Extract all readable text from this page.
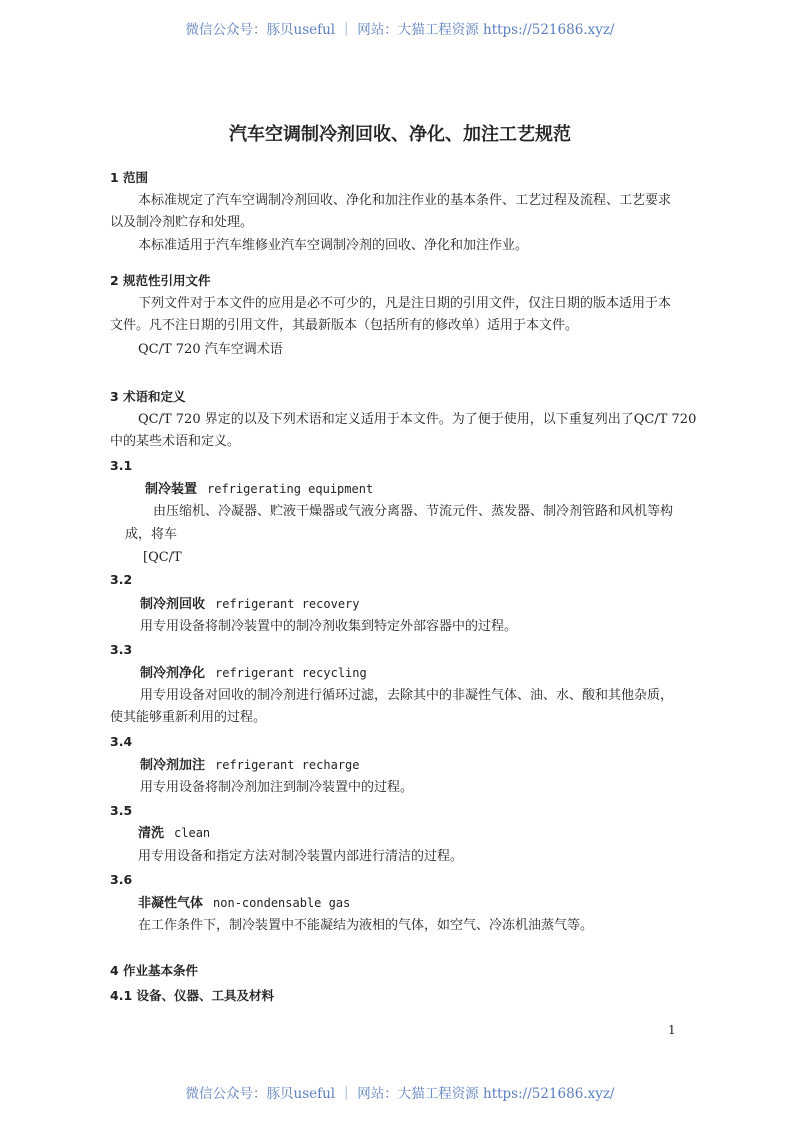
微信公众号：豚贝useful ｜ 网站：大猫工程资源 https://521686.xyz/
汽车空调制冷剂回收、净化、加注工艺规范
1 范围
本标准规定了汽车空调制冷剂回收、净化和加注作业的基本条件、工艺过程及流程、工艺要求
以及制冷剂贮存和处理。
本标准适用于汽车维修业汽车空调制冷剂的回收、净化和加注作业。
2 规范性引用文件
下列文件对于本文件的应用是必不可少的，凡是注日期的引用文件，仅注日期的版本适用于本
文件。凡不注日期的引用文件，其最新版本（包括所有的修改单）适用于本文件。
QC/T 720 汽车空调术语
3 术语和定义
QC/T 720 界定的以及下列术语和定义适用于本文件。为了便于使用，以下重复列出了QC/T 720
中的某些术语和定义。
3.1
制冷装置 refrigerating equipment
由压缩机、冷凝器、贮液干燥器或气液分离器、节流元件、蒸发器、制冷剂管路和风机等构
成，将车
[QC/T
3.2
制冷剂回收 refrigerant recovery
用专用设备将制冷装置中的制冷剂收集到特定外部容器中的过程。
3.3
制冷剂净化 refrigerant recycling
用专用设备对回收的制冷剂进行循环过滤，去除其中的非凝性气体、油、水、酸和其他杂质，
使其能够重新利用的过程。
3.4
制冷剂加注 refrigerant recharge
用专用设备将制冷剂加注到制冷装置中的过程。
3.5
清洗 clean
用专用设备和指定方法对制冷装置内部进行清洁的过程。
3.6
非凝性气体 non-condensable gas
在工作条件下，制冷装置中不能凝结为液相的气体，如空气、冷冻机油蒸气等。
4 作业基本条件
4.1 设备、仪器、工具及材料
1
微信公众号：豚贝useful ｜ 网站：大猫工程资源 https://521686.xyz/
